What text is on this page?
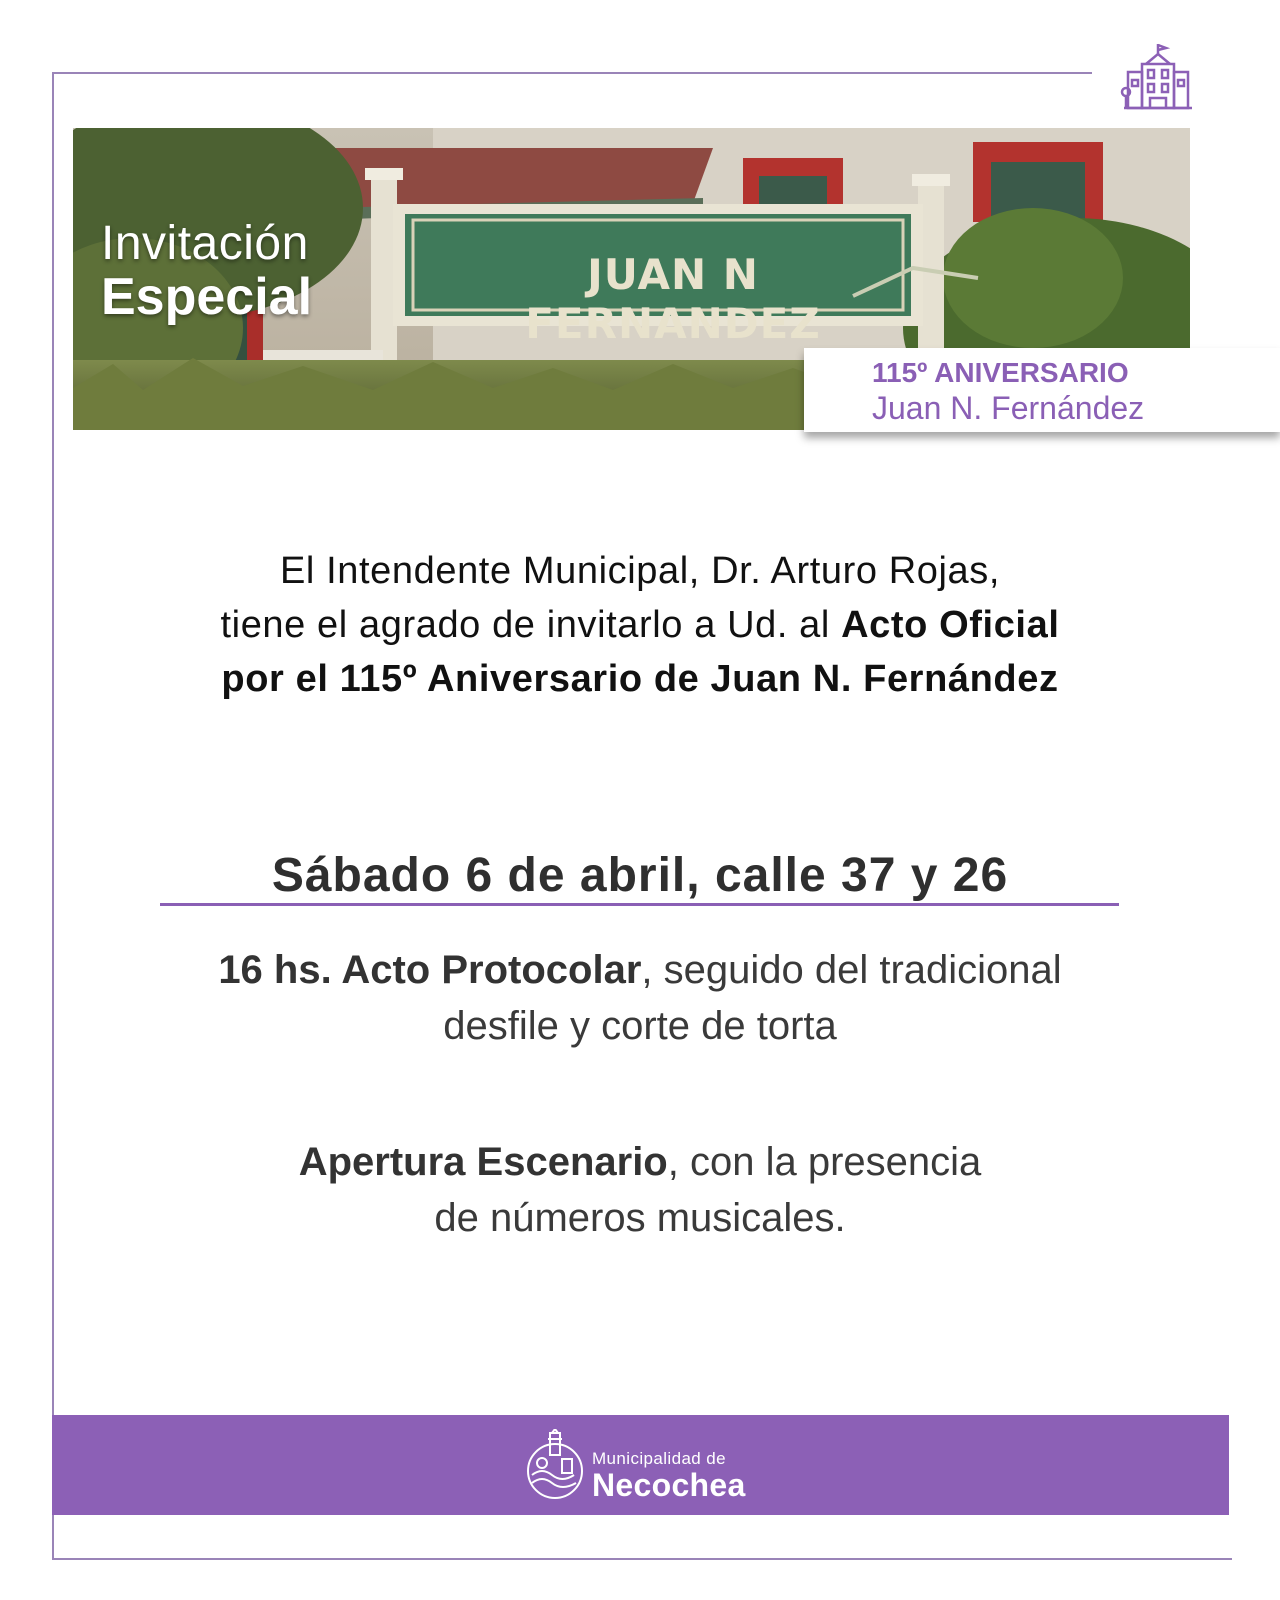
Invitación
Especial	JUAN N FERNANDEZ
115º ANIVERSARIO
Juan N. Fernández
El Intendente Municipal, Dr. Arturo Rojas,
tiene el agrado de invitarlo a Ud. al Acto Oficial
por el 115º Aniversario de Juan N. Fernández
Sábado 6 de abril, calle 37 y 26
16 hs. Acto Protocolar, seguido del tradicional
desfile y corte de torta
Apertura Escenario, con la presencia
de números musicales.
Municipalidad de
Necochea
